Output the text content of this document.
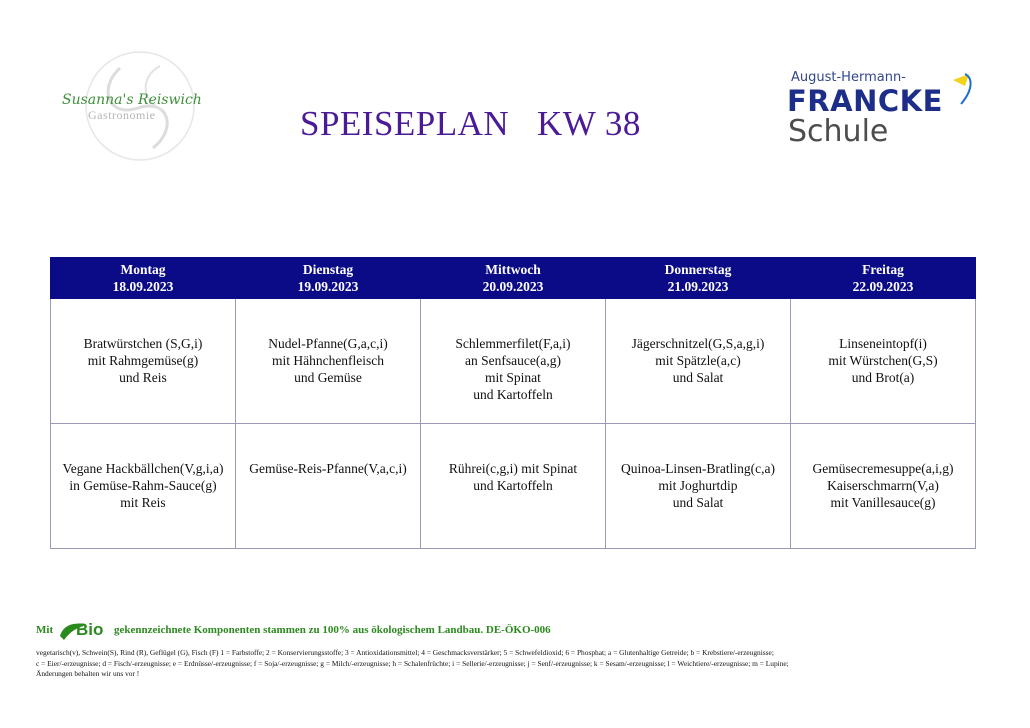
Susanna's Reiswich
Gastronomie	SPEISEPLAN   KW 38
August-Hermann-
FRANCKE
Schule
Montag
18.09.2023	Dienstag
19.09.2023	Mittwoch
20.09.2023	Donnerstag
21.09.2023	Freitag
22.09.2023

Bratwürstchen (S,G,i)
mit Rahmgemüse(g)
und Reis	Nudel-Pfanne(G,a,c,i)
mit Hähnchenfleisch
und Gemüse	Schlemmerfilet(F,a,i)
an Senfsauce(a,g)
mit Spinat
und Kartoffeln	Jägerschnitzel(G,S,a,g,i)
mit Spätzle(a,c)
und Salat	Linseneintopf(i)
mit Würstchen(G,S)
und Brot(a)

Vegane Hackbällchen(V,g,i,a)
in Gemüse-Rahm-Sauce(g)
mit Reis	Gemüse-Reis-Pfanne(V,a,c,i)	Rührei(c,g,i) mit Spinat
und Kartoffeln	Quinoa-Linsen-Bratling(c,a)
mit Joghurtdip
und Salat	Gemüsecremesuppe(a,i,g)
Kaiserschmarrn(V,a)
mit Vanillesauce(g)
Mit Bio gekennzeichnete Komponenten stammen zu 100% aus ökologischem Landbau. DE-ÖKO-006
vegetarisch(v), Schwein(S), Rind (R), Geflügel (G), Fisch (F) 1 = Farbstoffe; 2 = Konservierungsstoffe; 3 = Antioxidationsmittel; 4 = Geschmacksverstärker; 5 = Schwefeldioxid; 6 = Phosphat; a = Glutenhaltige Getreide; b = Krebstiere/-erzeugnisse;
c = Eier/-erzeugnisse; d = Fisch/-erzeugnisse; e = Erdnüsse/-erzeugnisse; f = Soja/-erzeugnisse; g = Milch/-erzeugnisse; h = Schalenfrüchte; i = Sellerie/-erzeugnisse; j = Senf/-erzeugnisse; k = Sesam/-erzeugnisse; l = Weichtiere/-erzeugnisse; m = Lupine;
Änderungen behalten wir uns vor !
